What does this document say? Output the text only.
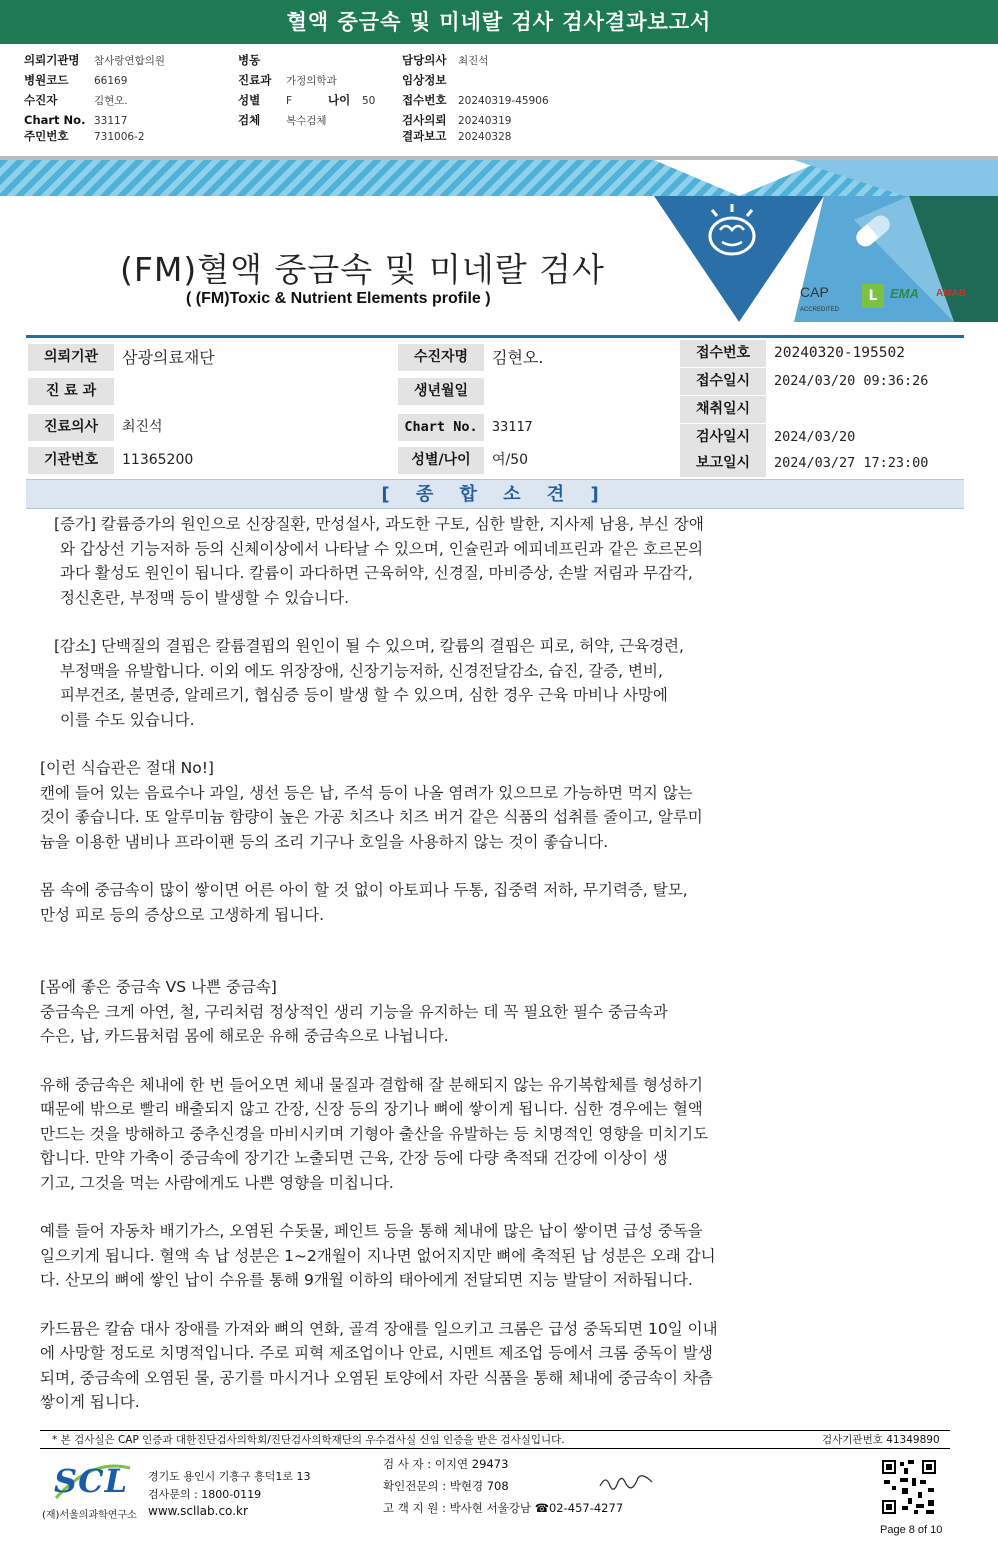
혈액 중금속 및 미네랄 검사 검사결과보고서
의뢰기관명 참사랑연합의원
병원코드 66169
수진자	김현오.
Chart No. 33117
주민번호 731006-2
병동
진료과 가정의학과
성별 F	나이 50
검체 복수검체
담당의사 최진석
임상정보
접수번호 20240319-45906
검사의뢰 20240319
결과보고 20240328
CAP
$^{ACCREDITED}$
L EMA AMAB
(FM)혈액 중금속 및 미네랄 검사
( (FM)Toxic & Nutrient Elements profile )
의뢰기관	삼광의료재단
진 료 과
진료의사	최진석
기관번호	11365200
수진자명	김현오.
생년월일
Chart No.	33117
성별/나이	여/50
접수번호	20240320-195502
접수일시	2024/03/20 09:36:26
채취일시
검사일시	2024/03/20
보고일시	2024/03/27 17:23:00
[ 종 합 소 견 ]
[증가] 칼륨증가의 원인으로 신장질환, 만성설사, 과도한 구토, 심한 발한, 지사제 남용, 부신 장애
와 갑상선 기능저하 등의 신체이상에서 나타날 수 있으며, 인슐린과 에피네프린과 같은 호르몬의
과다 활성도 원인이 됩니다. 칼륨이 과다하면 근육허약, 신경질, 마비증상, 손발 저림과 무감각,
정신혼란, 부정맥 등이 발생할 수 있습니다.
[감소] 단백질의 결핍은 칼륨결핍의 원인이 될 수 있으며, 칼륨의 결핍은 피로, 허약, 근육경련,
부정맥을 유발합니다. 이외 에도 위장장애, 신장기능저하, 신경전달감소, 습진, 갈증, 변비,
피부건조, 불면증, 알레르기, 협심증 등이 발생 할 수 있으며, 심한 경우 근육 마비나 사망에
이를 수도 있습니다.
[이런 식습관은 절대 No!]
캔에 들어 있는 음료수나 과일, 생선 등은 납, 주석 등이 나올 염려가 있으므로 가능하면 먹지 않는
것이 좋습니다. 또 알루미늄 함량이 높은 가공 치즈나 치즈 버거 같은 식품의 섭취를 줄이고, 알루미
늄을 이용한 냄비나 프라이팬 등의 조리 기구나 호일을 사용하지 않는 것이 좋습니다.
몸 속에 중금속이 많이 쌓이면 어른 아이 할 것 없이 아토피나 두통, 집중력 저하, 무기력증, 탈모,
만성 피로 등의 증상으로 고생하게 됩니다.
[몸에 좋은 중금속 VS 나쁜 중금속]
중금속은 크게 아연, 철, 구리처럼 정상적인 생리 기능을 유지하는 데 꼭 필요한 필수 중금속과
수은, 납, 카드뮴처럼 몸에 해로운 유해 중금속으로 나뉩니다.
유해 중금속은 체내에 한 번 들어오면 체내 물질과 결합해 잘 분해되지 않는 유기복합체를 형성하기
때문에 밖으로 빨리 배출되지 않고 간장, 신장 등의 장기나 뼈에 쌓이게 됩니다. 심한 경우에는 혈액
만드는 것을 방해하고 중추신경을 마비시키며 기형아 출산을 유발하는 등 치명적인 영향을 미치기도
합니다. 만약 가축이 중금속에 장기간 노출되면 근육, 간장 등에 다량 축적돼 건강에 이상이 생
기고, 그것을 먹는 사람에게도 나쁜 영향을 미칩니다.
예를 들어 자동차 배기가스, 오염된 수돗물, 페인트 등을 통해 체내에 많은 납이 쌓이면 급성 중독을
일으키게 됩니다. 혈액 속 납 성분은 1~2개월이 지나면 없어지지만 뼈에 축적된 납 성분은 오래 갑니
다. 산모의 뼈에 쌓인 납이 수유를 통해 9개월 이하의 태아에게 전달되면 지능 발달이 저하됩니다.
카드뮴은 칼슘 대사 장애를 가져와 뼈의 연화, 골격 장애를 일으키고 크롬은 급성 중독되면 10일 이내
에 사망할 정도로 치명적입니다. 주로 피혁 제조업이나 안료, 시멘트 제조업 등에서 크롬 중독이 발생
되며, 중금속에 오염된 물, 공기를 마시거나 오염된 토양에서 자란 식품을 통해 체내에 중금속이 차츰
쌓이게 됩니다.
* 본 검사실은 CAP 인증과 대한진단검사의학회/진단검사의학재단의 우수검사실 신임 인증을 받은 검사실입니다.	검사기관번호 41349890
SCL
(재)서울의과학연구소
경기도 용인시 기흥구 흥덕1로 13
검사문의 : 1800-0119
www.scllab.co.kr
검 사 자 : 이지연 29473
확인전문의 : 박현경 708
고 객 지 원 : 박사현 서울강남 ☎02-457-4277
Page 8 of 10
